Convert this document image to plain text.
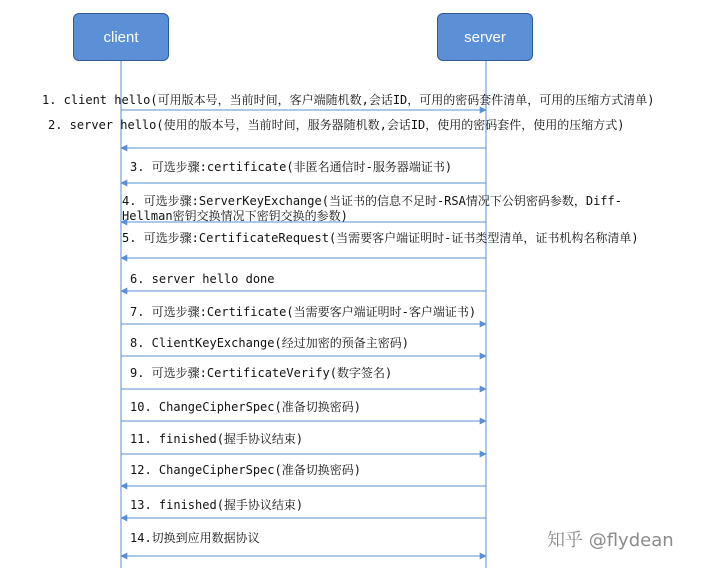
client	server
1. client hello(可用版本号，当前时间，客户端随机数,会话ID，可用的密码套件清单，可用的压缩方式清单)
2. server hello(使用的版本号，当前时间，服务器随机数,会话ID，使用的密码套件，使用的压缩方式)
3. 可选步骤:certificate(非匿名通信时-服务器端证书)
4. 可选步骤:ServerKeyExchange(当证书的信息不足时-RSA情况下公钥密码参数，Diff-Hellman密钥交换情况下密钥交换的参数)
5. 可选步骤:CertificateRequest(当需要客户端证明时-证书类型清单，证书机构名称清单)
6. server hello done
7. 可选步骤:Certificate(当需要客户端证明时-客户端证书)
8. ClientKeyExchange(经过加密的预备主密码)
9. 可选步骤:CertificateVerify(数字签名)
10. ChangeCipherSpec(准备切换密码)
11. finished(握手协议结束)
12. ChangeCipherSpec(准备切换密码)
13. finished(握手协议结束)
14.切换到应用数据协议	知乎 @flydean
